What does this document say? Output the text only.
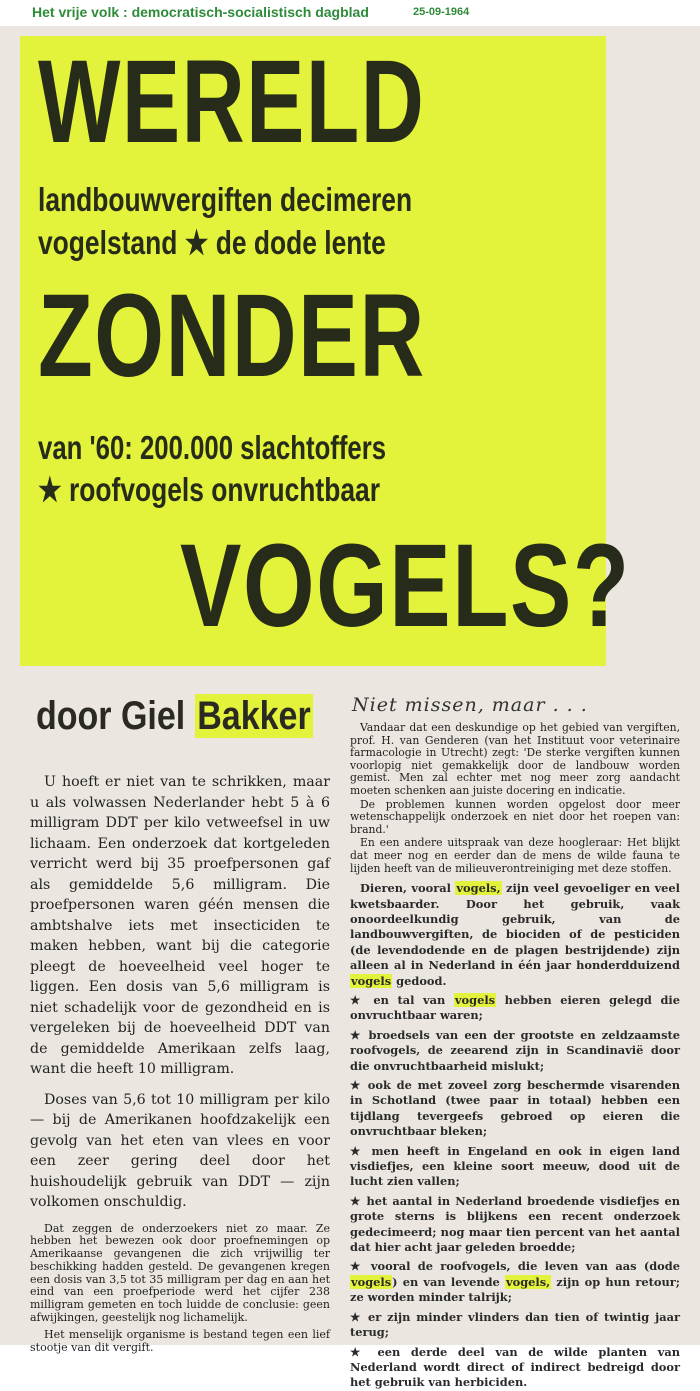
Het vrije volk : democratisch-socialistisch dagblad	25-09-1964
WERELD
landbouwvergiften decimeren
vogelstand ★ de dode lente
ZONDER
van '60: 200.000 slachtoffers
★ roofvogels onvruchtbaar
VOGELS?
door Giel Bakker

U hoeft er niet van te schrikken, maar u als volwassen Nederlander hebt 5 à 6 milligram DDT per kilo vetweefsel in uw lichaam. Een onderzoek dat kortgeleden verricht werd bij 35 proefpersonen gaf als gemiddelde 5,6 milligram. Die proefpersonen waren géén mensen die ambtshalve iets met insecticiden te maken hebben, want bij die categorie pleegt de hoeveelheid veel hoger te liggen. Een dosis van 5,6 milligram is niet schadelijk voor de gezondheid en is vergeleken bij de hoeveelheid DDT van de gemiddelde Amerikaan zelfs laag, want die heeft 10 milligram.

Doses van 5,6 tot 10 milligram per kilo — bij de Amerikanen hoofdzakelijk een gevolg van het eten van vlees en voor een zeer gering deel door het huishoudelijk gebruik van DDT — zijn volkomen onschuldig.

Dat zeggen de onderzoekers niet zo maar. Ze hebben het bewezen ook door proefnemingen op Amerikaanse gevangenen die zich vrijwillig ter beschikking hadden gesteld. De gevangenen kregen een dosis van 3,5 tot 35 milligram per dag en aan het eind van een proefperiode werd het cijfer 238 milligram gemeten en toch luidde de conclusie: geen afwijkingen, geestelijk nog lichamelijk.

Het menselijk organisme is bestand tegen een lief stootje van dit vergift.

Niet missen, maar . . .

Vandaar dat een deskundige op het gebied van vergiften, prof. H. van Genderen (van het Instituut voor veterinaire farmacologie in Utrecht) zegt: 'De sterke vergiften kunnen voorlopig niet gemakkelijk door de landbouw worden gemist. Men zal echter met nog meer zorg aandacht moeten schenken aan juiste docering en indicatie.

De problemen kunnen worden opgelost door meer wetenschappelijk onderzoek en niet door het roepen van: brand.'

En een andere uitspraak van deze hoogleraar: Het blijkt dat meer nog en eerder dan de mens de wilde fauna te lijden heeft van de milieuverontreiniging met deze stoffen.

Dieren, vooral vogels, zijn veel gevoeliger en veel kwetsbaarder. Door het gebruik, vaak onoordeelkundig gebruik, van de landbouwvergiften, de biociden of de pesticiden (de levendodende en de plagen bestrijdende) zijn alleen al in Nederland in één jaar honderdduizend vogels gedood.

★ en tal van vogels hebben eieren gelegd die onvruchtbaar waren;

★ broedsels van een der grootste en zeldzaamste roofvogels, de zeearend zijn in Scandinavië door die onvruchtbaarheid mislukt;

★ ook de met zoveel zorg beschermde visarenden in Schotland (twee paar in totaal) hebben een tijdlang tevergeefs gebroed op eieren die onvruchtbaar bleken;

★ men heeft in Engeland en ook in eigen land visdiefjes, een kleine soort meeuw, dood uit de lucht zien vallen;

★ het aantal in Nederland broedende visdiefjes en grote sterns is blijkens een recent onderzoek gedecimeerd; nog maar tien percent van het aantal dat hier acht jaar geleden broedde;

★ vooral de roofvogels, die leven van aas (dode vogels) en van levende vogels, zijn op hun retour; ze worden minder talrijk;

★ er zijn minder vlinders dan tien of twintig jaar terug;

★ een derde deel van de wilde planten van Nederland wordt direct of indirect bedreigd door het gebruik van herbiciden.
